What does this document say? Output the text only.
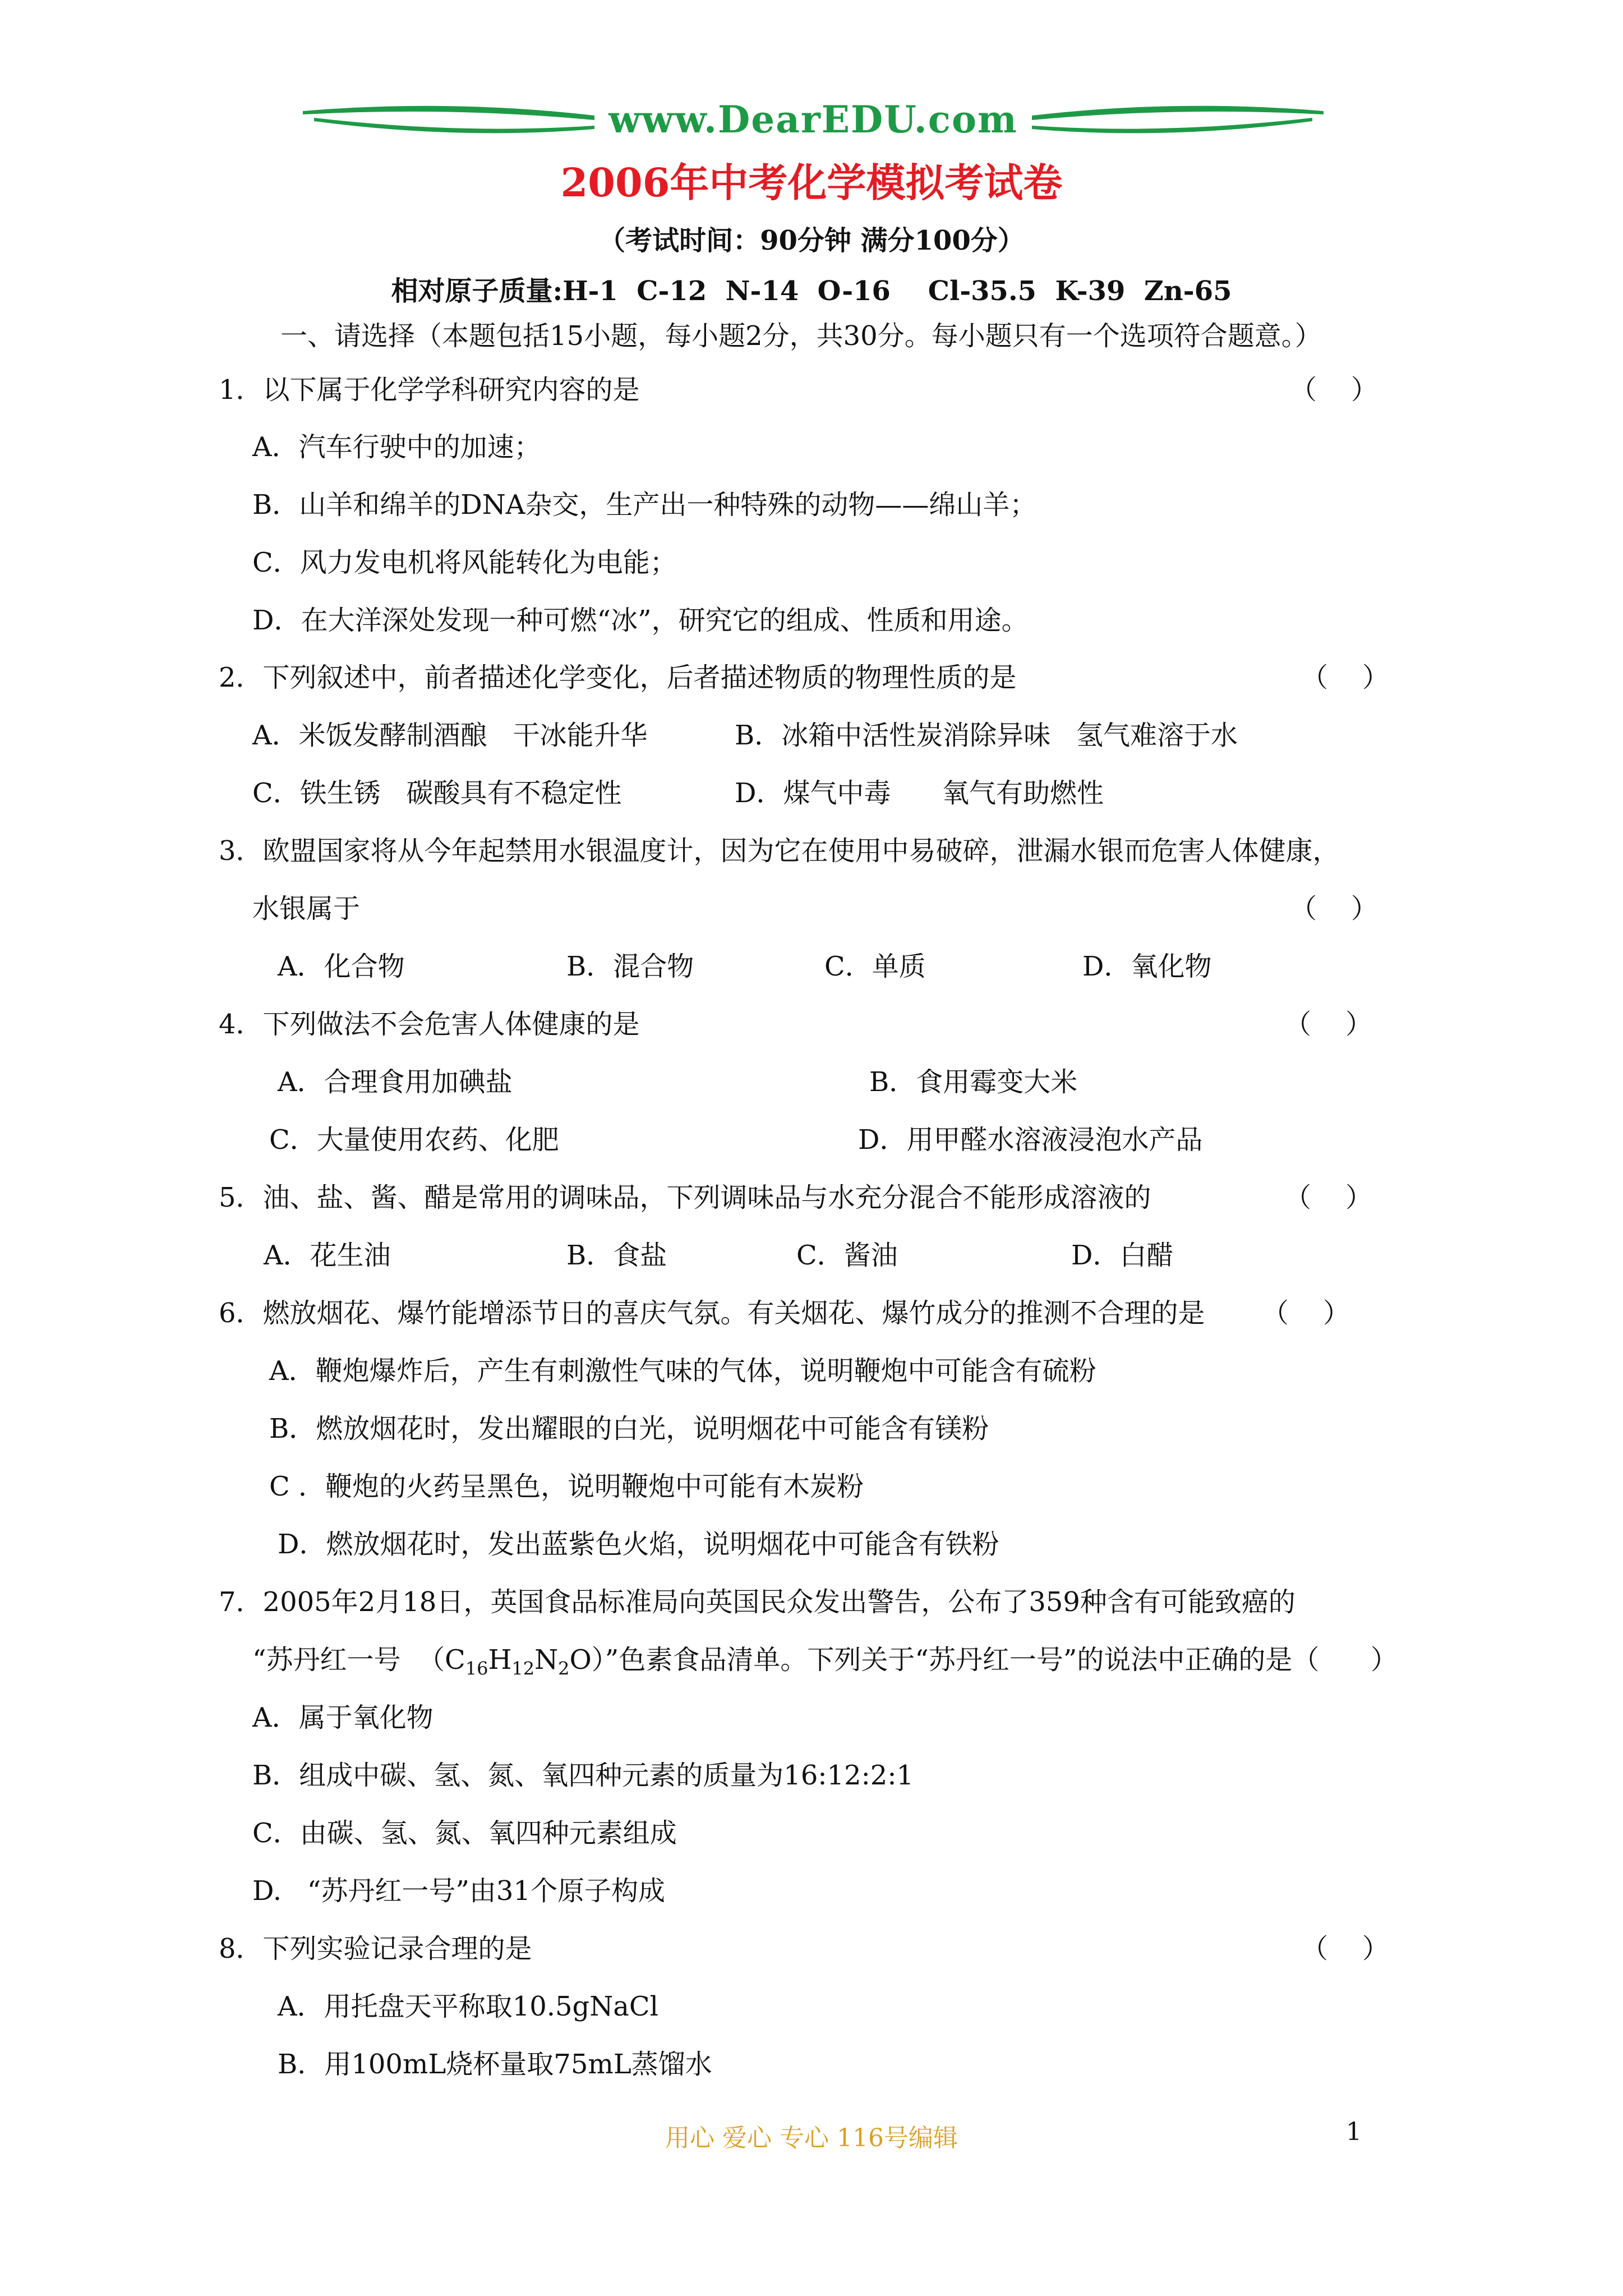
www.DearEDU.com
2006年中考化学模拟考试卷
（考试时间：90分钟 满分100分）
相对原子质量:H-1  C-12  N-14  O-16    Cl-35.5  K-39  Zn-65
一、请选择（本题包括15小题，每小题2分，共30分。每小题只有一个选项符合题意。）
1．以下属于化学学科研究内容的是	（    ）
A．汽车行驶中的加速；
B．山羊和绵羊的DNA杂交，生产出一种特殊的动物——绵山羊；
C．风力发电机将风能转化为电能；
D．在大洋深处发现一种可燃“冰”，研究它的组成、性质和用途。
2．下列叙述中，前者描述化学变化，后者描述物质的物理性质的是	（    ）
A．米饭发酵制酒酿   干冰能升华	B．冰箱中活性炭消除异味   氢气难溶于水
C．铁生锈   碳酸具有不稳定性	D．煤气中毒      氧气有助燃性
3．欧盟国家将从今年起禁用水银温度计，因为它在使用中易破碎，泄漏水银而危害人体健康，
水银属于	（    ）
A．化合物	B．混合物	C．单质	D．氧化物
4．下列做法不会危害人体健康的是	（    ）
A．合理食用加碘盐	B．食用霉变大米
C．大量使用农药、化肥	D．用甲醛水溶液浸泡水产品
5．油、盐、酱、醋是常用的调味品，下列调味品与水充分混合不能形成溶液的	（    ）
A．花生油	B．食盐	C．酱油	D．白醋
6．燃放烟花、爆竹能增添节日的喜庆气氛。有关烟花、爆竹成分的推测不合理的是 （    ）
A．鞭炮爆炸后，产生有刺激性气味的气体，说明鞭炮中可能含有硫粉
B．燃放烟花时，发出耀眼的白光，说明烟花中可能含有镁粉
C ．鞭炮的火药呈黑色，说明鞭炮中可能有木炭粉
D．燃放烟花时，发出蓝紫色火焰，说明烟花中可能含有铁粉
7．2005年2月18日，英国食品标准局向英国民众发出警告，公布了359种含有可能致癌的
“苏丹红一号  $(C_{16}H_{12}N_2O)$”色素食品清单。下列关于“苏丹红一号”的说法中正确的是（      ）
A．属于氧化物
B．组成中碳、氢、氮、氧四种元素的质量为16:12:2:1
C．由碳、氢、氮、氧四种元素组成
D.   “苏丹红一号”由31个原子构成
8．下列实验记录合理的是	（    ）
A．用托盘天平称取10.5gNaCl
B．用100mL烧杯量取75mL蒸馏水
用心 爱心 专心 116号编辑	1
